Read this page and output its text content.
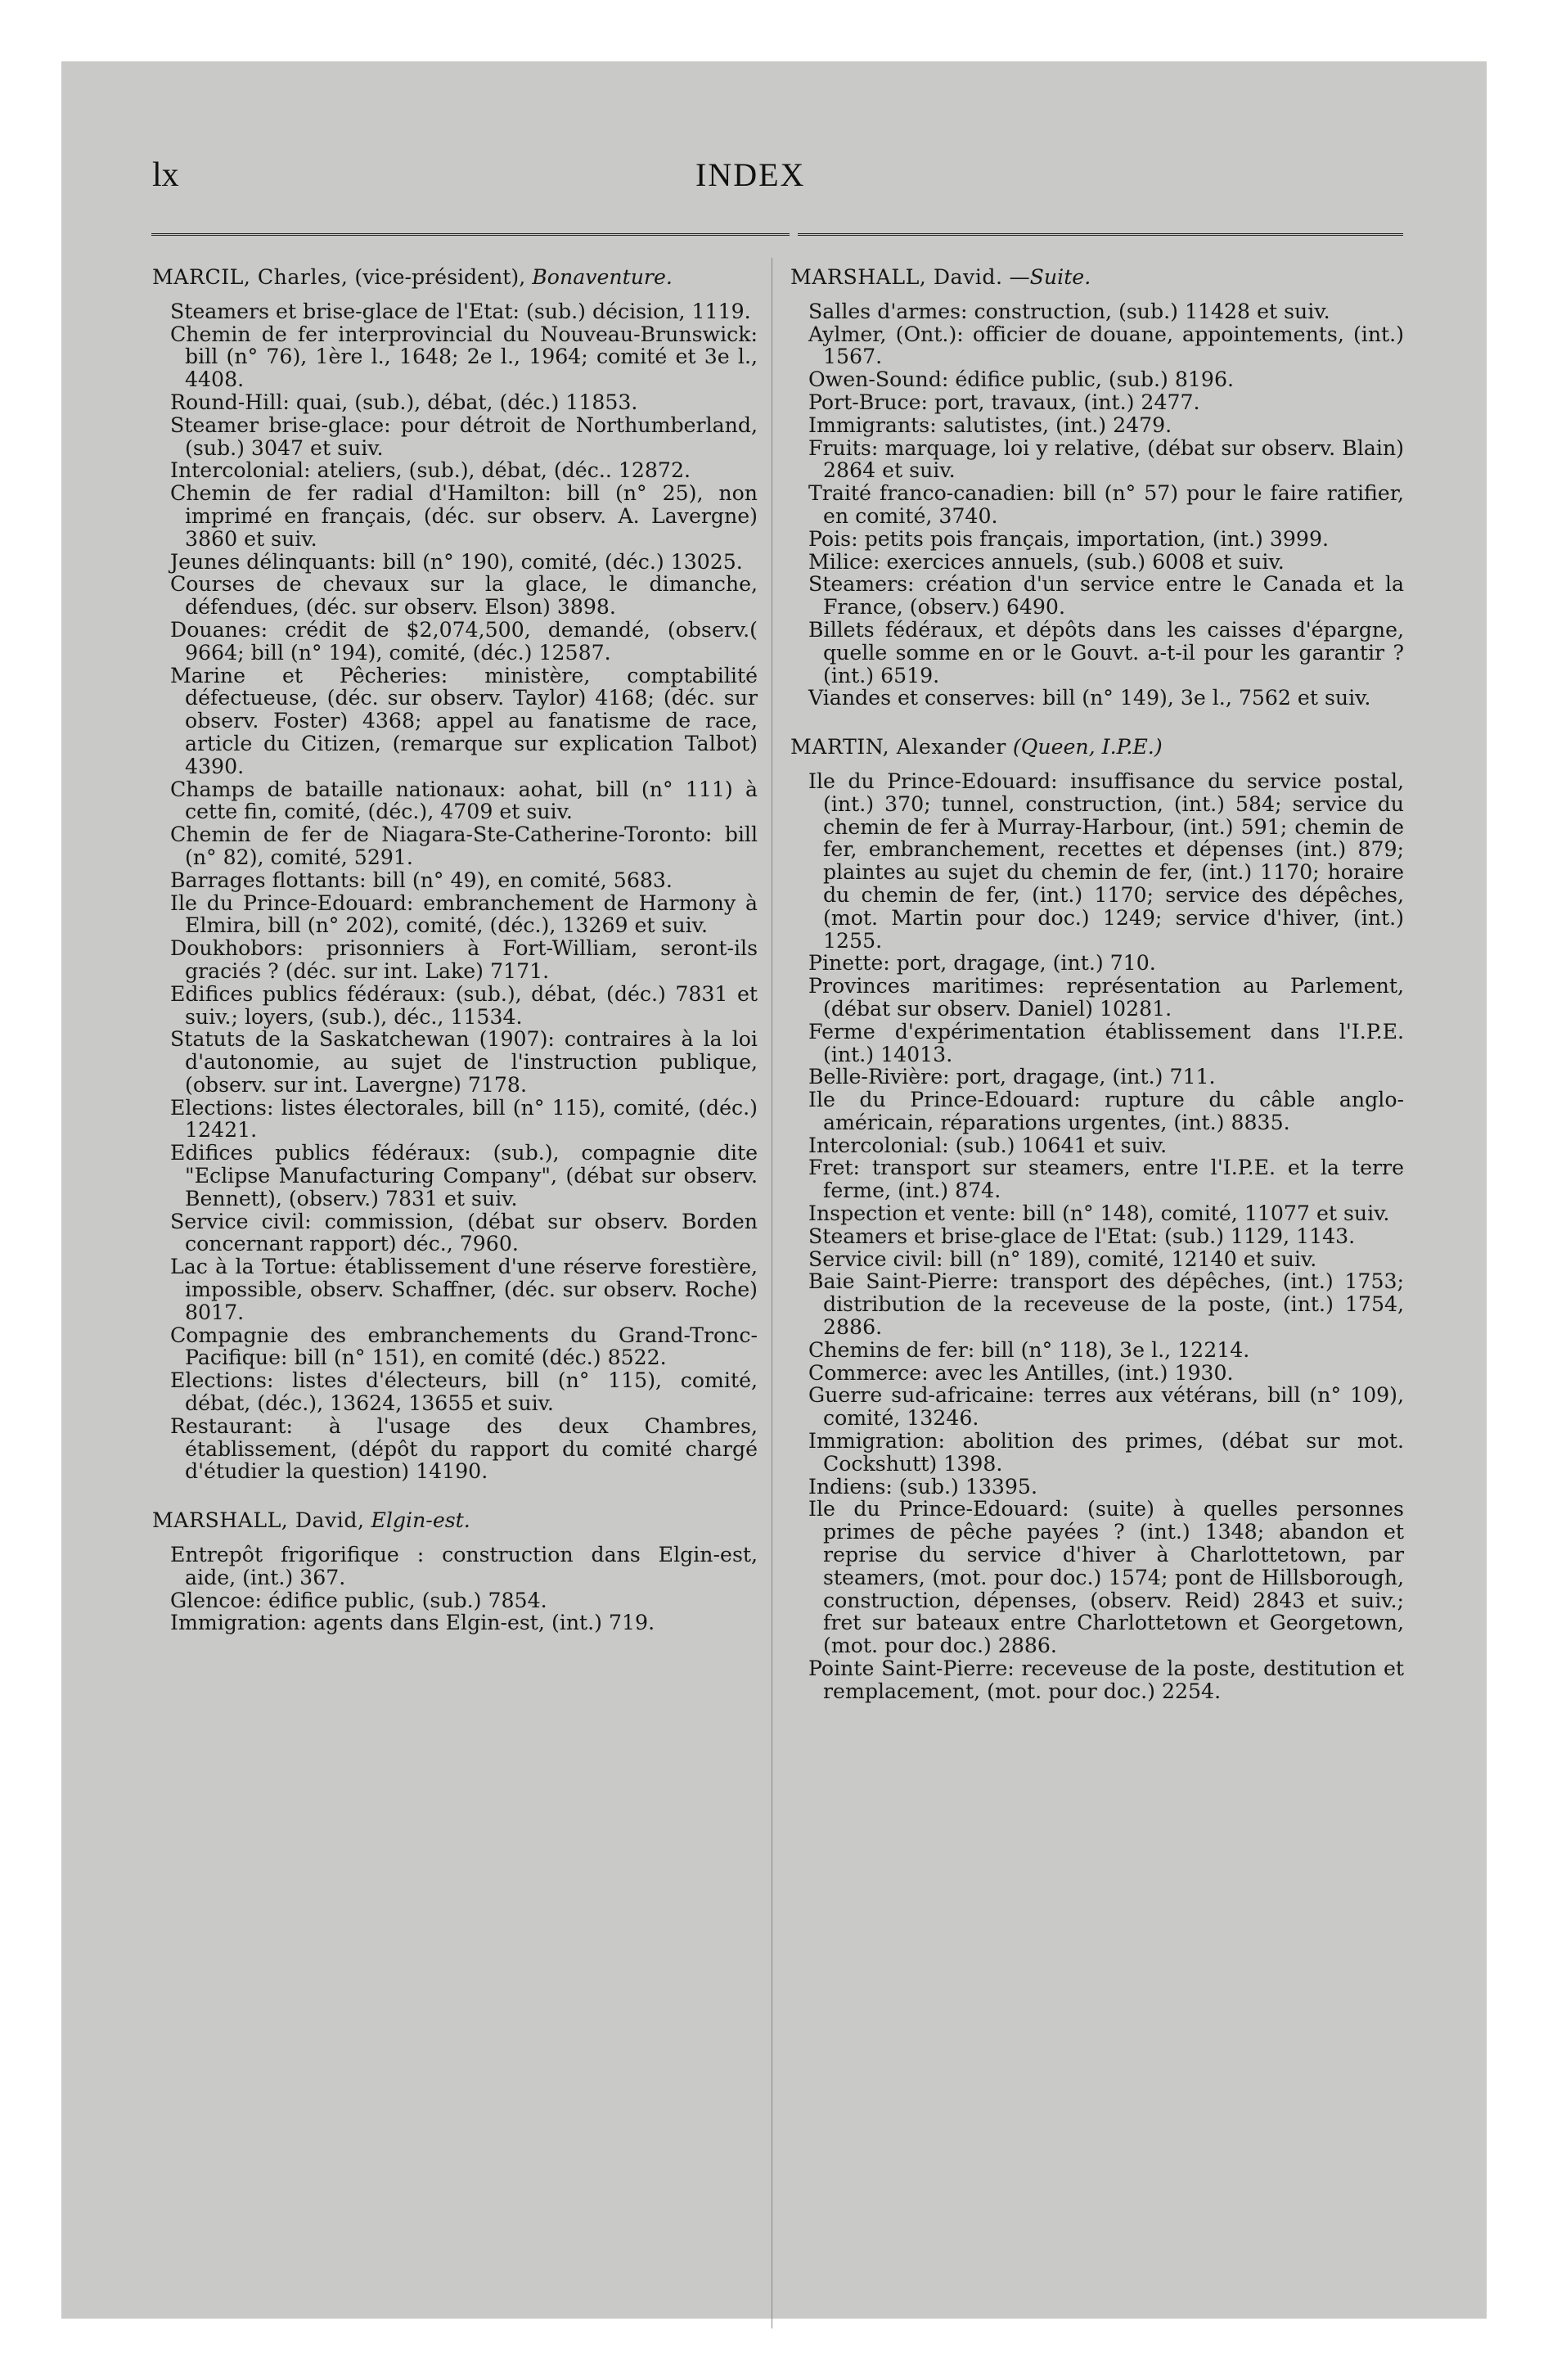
lx	INDEX

MARCIL, Charles, (vice-président), Bonaventure.

Steamers et brise-glace de l'Etat: (sub.) décision, 1119.

Chemin de fer interprovincial du Nouveau-Brunswick: bill (n° 76), 1ère l., 1648; 2e l., 1964; comité et 3e l., 4408.

Round-Hill: quai, (sub.), débat, (déc.) 11853.

Steamer brise-glace: pour détroit de Northumberland, (sub.) 3047 et suiv.

Intercolonial: ateliers, (sub.), débat, (déc.. 12872.

Chemin de fer radial d'Hamilton: bill (n° 25), non imprimé en français, (déc. sur observ. A. Lavergne) 3860 et suiv.

Jeunes délinquants: bill (n° 190), comité, (déc.) 13025.

Courses de chevaux sur la glace, le dimanche, défendues, (déc. sur observ. Elson) 3898.

Douanes: crédit de $2,074,500, demandé, (observ.( 9664; bill (n° 194), comité, (déc.) 12587.

Marine et Pêcheries: ministère, comptabilité défectueuse, (déc. sur observ. Taylor) 4168; (déc. sur observ. Foster) 4368; appel au fanatisme de race, article du Citizen, (remarque sur explication Talbot) 4390.

Champs de bataille nationaux: aohat, bill (n° 111) à cette fin, comité, (déc.), 4709 et suiv.

Chemin de fer de Niagara-Ste-Catherine-Toronto: bill (n° 82), comité, 5291.

Barrages flottants: bill (n° 49), en comité, 5683.

Ile du Prince-Edouard: embranchement de Harmony à Elmira, bill (n° 202), comité, (déc.), 13269 et suiv.

Doukhobors: prisonniers à Fort-William, seront-ils graciés ? (déc. sur int. Lake) 7171.

Edifices publics fédéraux: (sub.), débat, (déc.) 7831 et suiv.; loyers, (sub.), déc., 11534.

Statuts de la Saskatchewan (1907): contraires à la loi d'autonomie, au sujet de l'instruction publique, (observ. sur int. Lavergne) 7178.

Elections: listes électorales, bill (n° 115), comité, (déc.) 12421.

Edifices publics fédéraux: (sub.), compagnie dite "Eclipse Manufacturing Company", (débat sur observ. Bennett), (observ.) 7831 et suiv.

Service civil: commission, (débat sur observ. Borden concernant rapport) déc., 7960.

Lac à la Tortue: établissement d'une réserve forestière, impossible, observ. Schaffner, (déc. sur observ. Roche) 8017.

Compagnie des embranchements du Grand-Tronc-Pacifique: bill (n° 151), en comité (déc.) 8522.

Elections: listes d'électeurs, bill (n° 115), comité, débat, (déc.), 13624, 13655 et suiv.

Restaurant: à l'usage des deux Chambres, établissement, (dépôt du rapport du comité chargé d'étudier la question) 14190.

MARSHALL, David, Elgin-est.

Entrepôt frigorifique : construction dans Elgin-est, aide, (int.) 367.

Glencoe: édifice public, (sub.) 7854.

Immigration: agents dans Elgin-est, (int.) 719.

MARSHALL, David. —Suite.

Salles d'armes: construction, (sub.) 11428 et suiv.

Aylmer, (Ont.): officier de douane, appointements, (int.) 1567.

Owen-Sound: édifice public, (sub.) 8196.

Port-Bruce: port, travaux, (int.) 2477.

Immigrants: salutistes, (int.) 2479.

Fruits: marquage, loi y relative, (débat sur observ. Blain) 2864 et suiv.

Traité franco-canadien: bill (n° 57) pour le faire ratifier, en comité, 3740.

Pois: petits pois français, importation, (int.) 3999.

Milice: exercices annuels, (sub.) 6008 et suiv.

Steamers: création d'un service entre le Canada et la France, (observ.) 6490.

Billets fédéraux, et dépôts dans les caisses d'épargne, quelle somme en or le Gouvt. a-t-il pour les garantir ? (int.) 6519.

Viandes et conserves: bill (n° 149), 3e l., 7562 et suiv.

MARTIN, Alexander (Queen, I.P.E.)

Ile du Prince-Edouard: insuffisance du service postal, (int.) 370; tunnel, construction, (int.) 584; service du chemin de fer à Murray-Harbour, (int.) 591; chemin de fer, embranchement, recettes et dépenses (int.) 879; plaintes au sujet du chemin de fer, (int.) 1170; horaire du chemin de fer, (int.) 1170; service des dépêches, (mot. Martin pour doc.) 1249; service d'hiver, (int.) 1255.

Pinette: port, dragage, (int.) 710.

Provinces maritimes: représentation au Parlement, (débat sur observ. Daniel) 10281.

Ferme d'expérimentation établissement dans l'I.P.E. (int.) 14013.

Belle-Rivière: port, dragage, (int.) 711.

Ile du Prince-Edouard: rupture du câble anglo-américain, réparations urgentes, (int.) 8835.

Intercolonial: (sub.) 10641 et suiv.

Fret: transport sur steamers, entre l'I.P.E. et la terre ferme, (int.) 874.

Inspection et vente: bill (n° 148), comité, 11077 et suiv.

Steamers et brise-glace de l'Etat: (sub.) 1129, 1143.

Service civil: bill (n° 189), comité, 12140 et suiv.

Baie Saint-Pierre: transport des dépêches, (int.) 1753; distribution de la receveuse de la poste, (int.) 1754, 2886.

Chemins de fer: bill (n° 118), 3e l., 12214.

Commerce: avec les Antilles, (int.) 1930.

Guerre sud-africaine: terres aux vétérans, bill (n° 109), comité, 13246.

Immigration: abolition des primes, (débat sur mot. Cockshutt) 1398.

Indiens: (sub.) 13395.

Ile du Prince-Edouard: (suite) à quelles personnes primes de pêche payées ? (int.) 1348; abandon et reprise du service d'hiver à Charlottetown, par steamers, (mot. pour doc.) 1574; pont de Hillsborough, construction, dépenses, (observ. Reid) 2843 et suiv.; fret sur bateaux entre Charlottetown et Georgetown, (mot. pour doc.) 2886.

Pointe Saint-Pierre: receveuse de la poste, destitution et remplacement, (mot. pour doc.) 2254.
